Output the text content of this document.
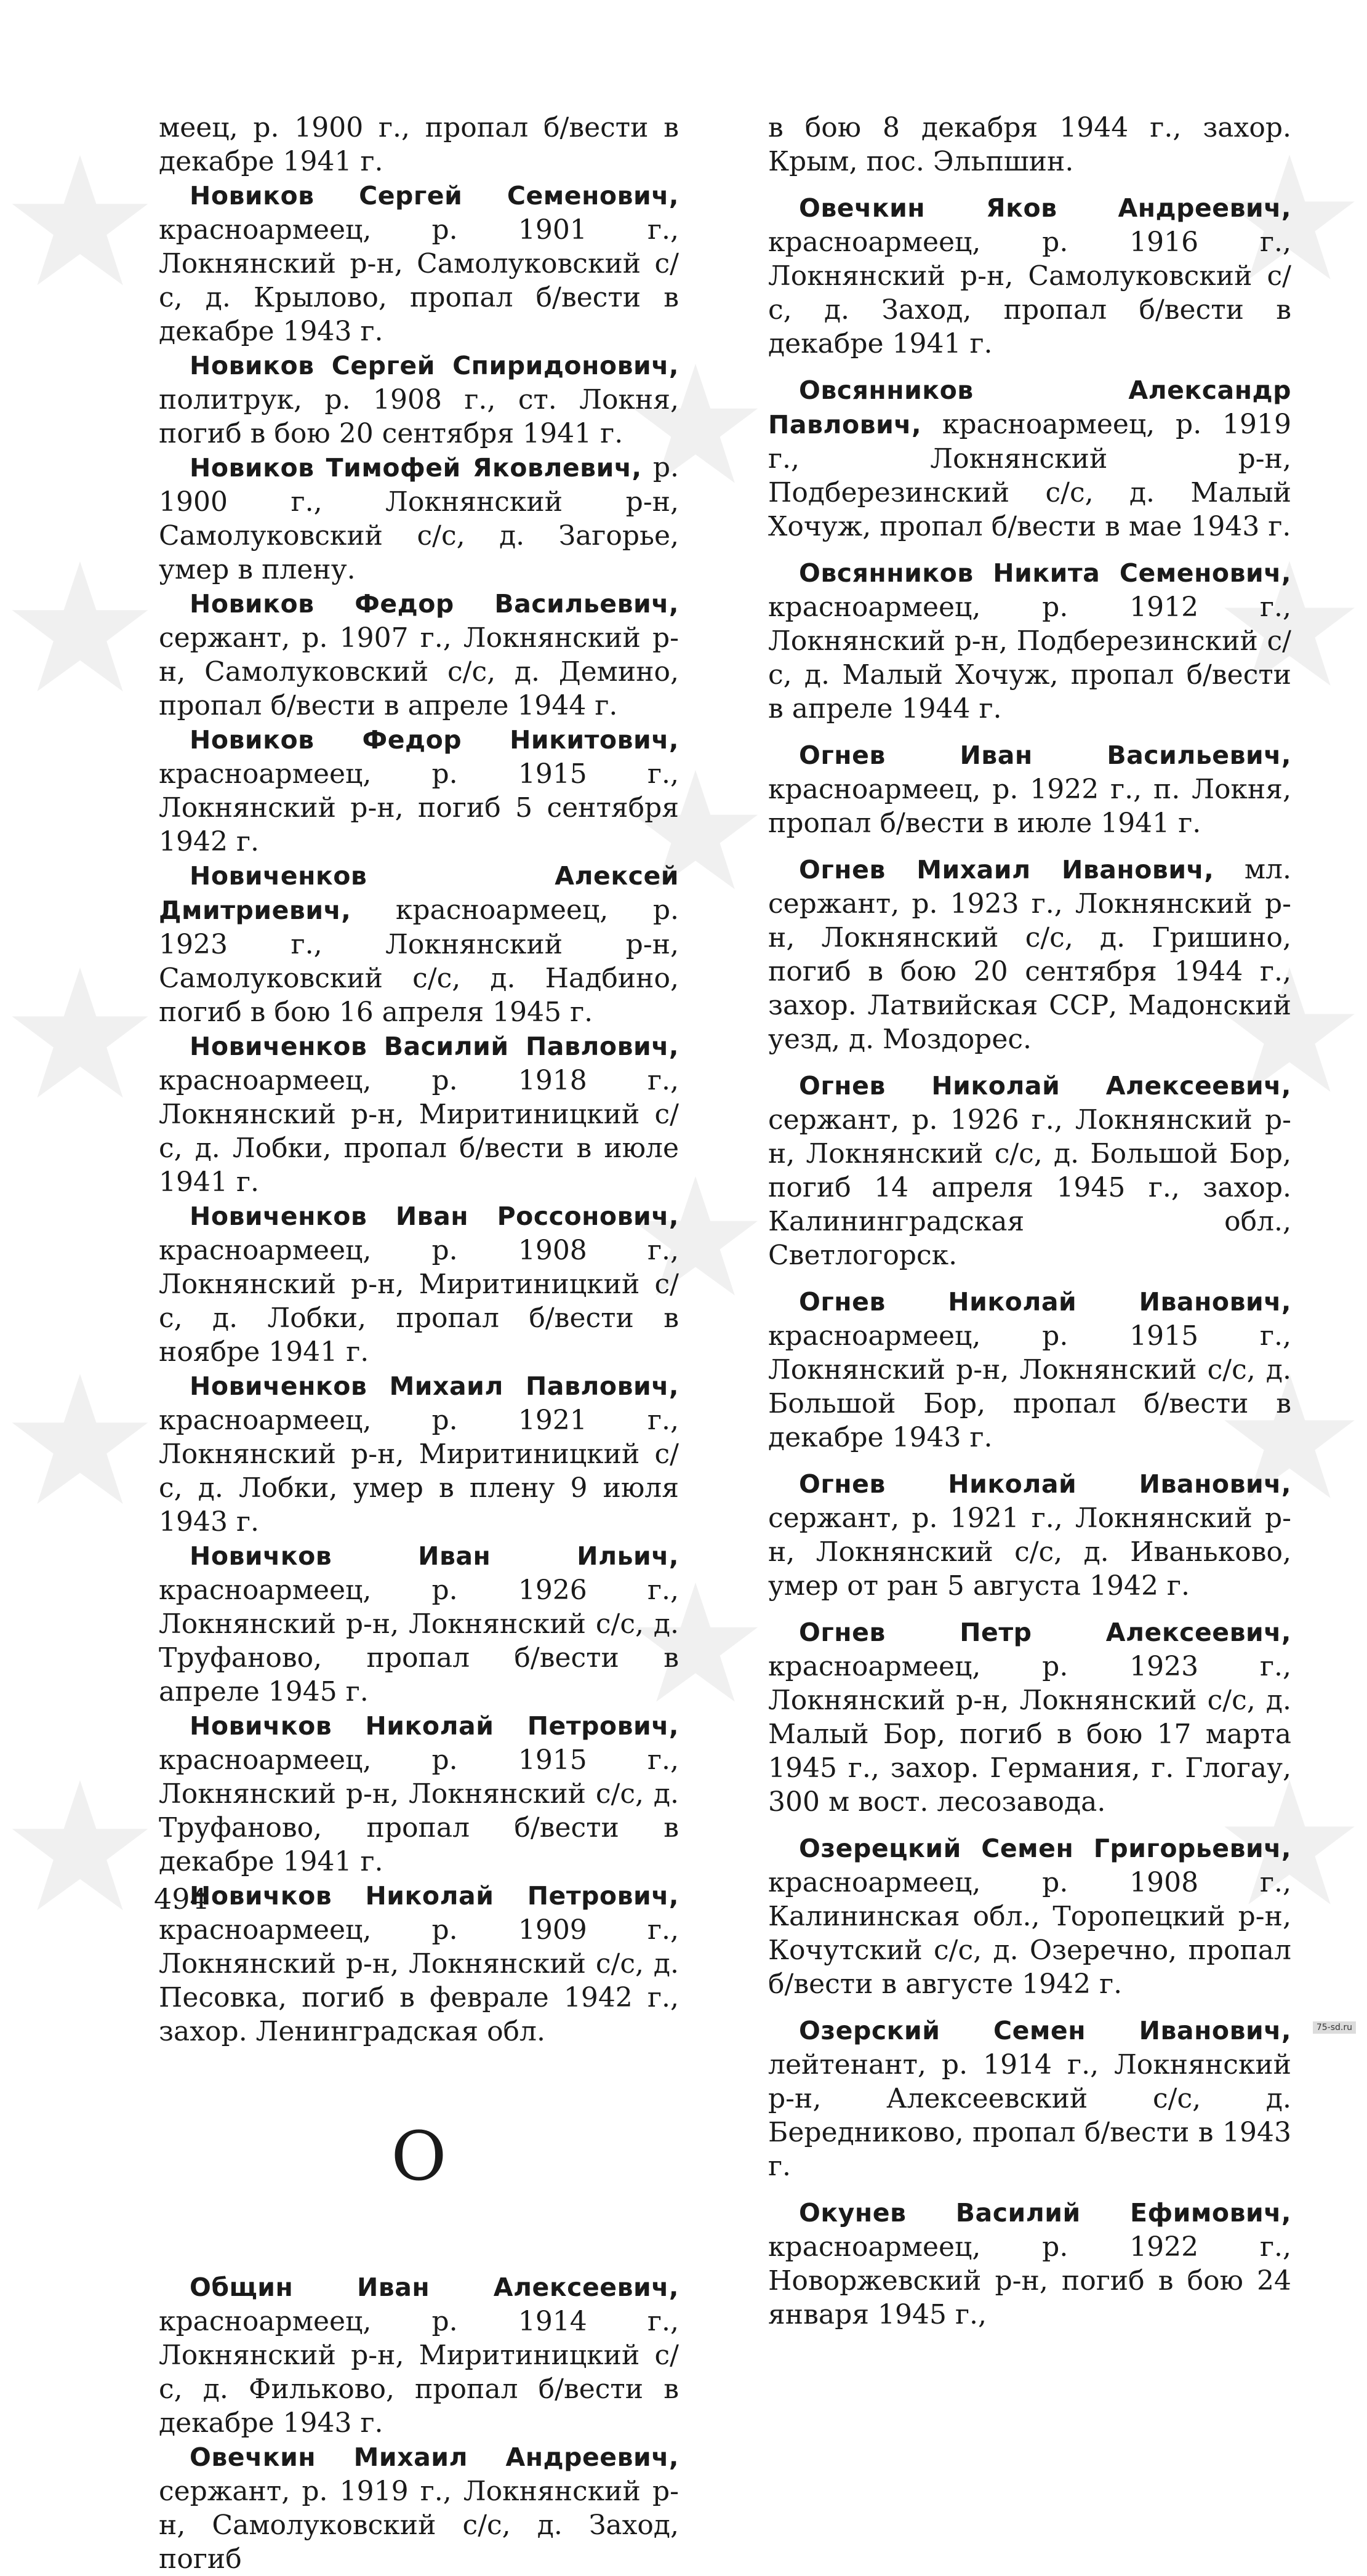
меец, р. 1900 г., пропал б/вести в декабре 1941 г.

Новиков Сергей Семенович, красноармеец, р. 1901 г., Локнянский р-н, Самолуковский с/с, д. Крылово, пропал б/вести в декабре 1943 г.

Новиков Сергей Спиридонович, политрук, р. 1908 г., ст. Локня, погиб в бою 20 сентября 1941 г.

Новиков Тимофей Яковлевич, р. 1900 г., Локнянский р-н, Самолуковский с/с, д. Загорье, умер в плену.

Новиков Федор Васильевич, сержант, р. 1907 г., Локнянский р-н, Самолуковский с/с, д. Демино, пропал б/вести в апреле 1944 г.

Новиков Федор Никитович, красноармеец, р. 1915 г., Локнянский р-н, погиб 5 сентября 1942 г.

Новиченков Алексей Дмитриевич, красноармеец, р. 1923 г., Локнянский р-н, Самолуковский с/с, д. Надбино, погиб в бою 16 апреля 1945 г.

Новиченков Василий Павлович, красноармеец, р. 1918 г., Локнянский р-н, Миритиницкий с/с, д. Лобки, пропал б/вести в июле 1941 г.

Новиченков Иван Россонович, красноармеец, р. 1908 г., Локнянский р-н, Миритиницкий с/с, д. Лобки, пропал б/вести в ноябре 1941 г.

Новиченков Михаил Павлович, красноармеец, р. 1921 г., Локнянский р-н, Миритиницкий с/с, д. Лобки, умер в плену 9 июля 1943 г.

Новичков Иван Ильич, красноармеец, р. 1926 г., Локнянский р-н, Локнянский с/с, д. Труфаново, пропал б/вести в апреле 1945 г.

Новичков Николай Петрович, красноармеец, р. 1915 г., Локнянский р-н, Локнянский с/с, д. Труфаново, пропал б/вести в декабре 1941 г.

Новичков Николай Петрович, красноармеец, р. 1909 г., Локнянский р-н, Локнянский с/с, д. Песовка, погиб в феврале 1942 г., захор. Ленинградская обл.

О

Общин Иван Алексеевич, красноармеец, р. 1914 г., Локнянский р-н, Миритиницкий с/с, д. Фильково, пропал б/вести в декабре 1943 г.

Овечкин Михаил Андреевич, сержант, р. 1919 г., Локнянский р-н, Самолуковский с/с, д. Заход, погиб

в бою 8 декабря 1944 г., захор. Крым, пос. Эльпшин.

Овечкин Яков Андреевич, красноармеец, р. 1916 г., Локнянский р-н, Самолуковский с/с, д. Заход, пропал б/вести в декабре 1941 г.

Овсянников Александр Павлович, красноармеец, р. 1919 г., Локнянский р-н, Подберезинский с/с, д. Малый Хочуж, пропал б/вести в мае 1943 г.

Овсянников Никита Семенович, красноармеец, р. 1912 г., Локнянский р-н, Подберезинский с/с, д. Малый Хочуж, пропал б/вести в апреле 1944 г.

Огнев Иван Васильевич, красноармеец, р. 1922 г., п. Локня, пропал б/вести в июле 1941 г.

Огнев Михаил Иванович, мл. сержант, р. 1923 г., Локнянский р-н, Локнянский с/с, д. Гришино, погиб в бою 20 сентября 1944 г., захор. Латвийская ССР, Мадонский уезд, д. Моздорес.

Огнев Николай Алексеевич, сержант, р. 1926 г., Локнянский р-н, Локнянский с/с, д. Большой Бор, погиб 14 апреля 1945 г., захор. Калининградская обл., Светлогорск.

Огнев Николай Иванович, красноармеец, р. 1915 г., Локнянский р-н, Локнянский с/с, д. Большой Бор, пропал б/вести в декабре 1943 г.

Огнев Николай Иванович, сержант, р. 1921 г., Локнянский р-н, Локнянский с/с, д. Иваньково, умер от ран 5 августа 1942 г.

Огнев Петр Алексеевич, красноармеец, р. 1923 г., Локнянский р-н, Локнянский с/с, д. Малый Бор, погиб в бою 17 марта 1945 г., захор. Германия, г. Глогау, 300 м вост. лесозавода.

Озерецкий Семен Григорьевич, красноармеец, р. 1908 г., Калининская обл., Торопецкий р-н, Кочутский с/с, д. Озеречно, пропал б/вести в августе 1942 г.

Озерский Семен Иванович, лейтенант, р. 1914 г., Локнянский р-н, Алексеевский с/с, д. Бередниково, пропал б/вести в 1943 г.

Окунев Василий Ефимович, красноармеец, р. 1922 г., Новоржевский р-н, погиб в бою 24 января 1945 г.,

494
75-sd.ru
